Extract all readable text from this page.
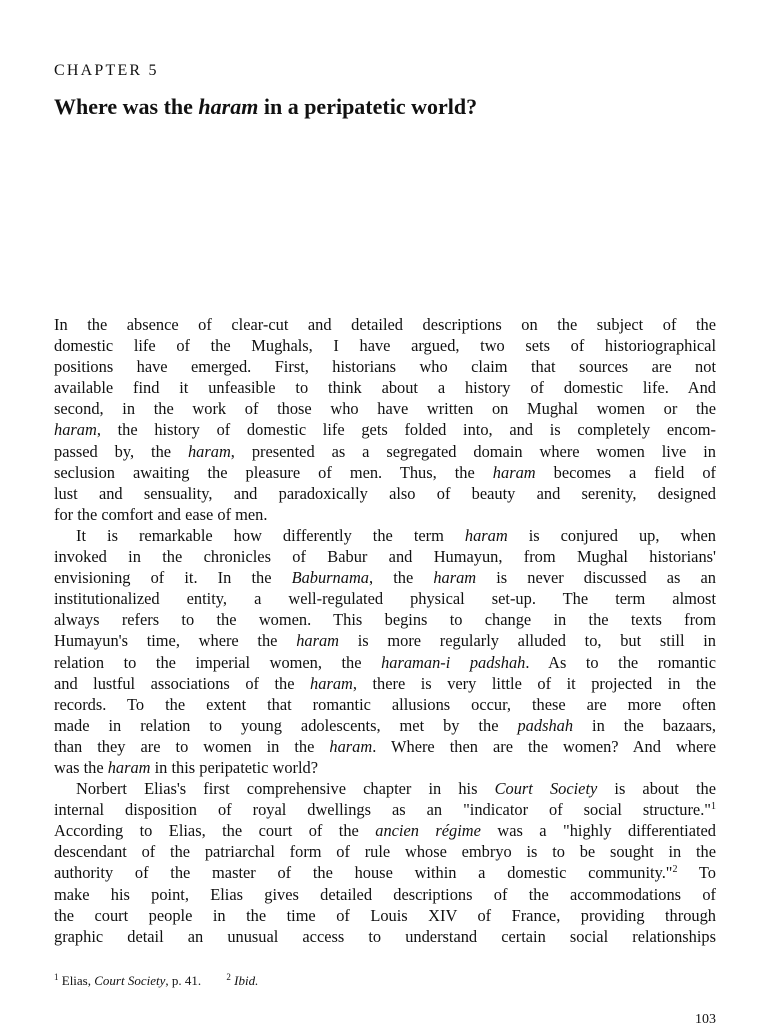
CHAPTER 5
Where was the haram in a peripatetic world?
In the absence of clear-cut and detailed descriptions on the subject of the
domestic life of the Mughals, I have argued, two sets of historiographical
positions have emerged. First, historians who claim that sources are not
available find it unfeasible to think about a history of domestic life. And
second, in the work of those who have written on Mughal women or the
haram, the history of domestic life gets folded into, and is completely encom-
passed by, the haram, presented as a segregated domain where women live in
seclusion awaiting the pleasure of men. Thus, the haram becomes a field of
lust and sensuality, and paradoxically also of beauty and serenity, designed
for the comfort and ease of men.
It is remarkable how differently the term haram is conjured up, when
invoked in the chronicles of Babur and Humayun, from Mughal historians'
envisioning of it. In the Baburnama, the haram is never discussed as an
institutionalized entity, a well-regulated physical set-up. The term almost
always refers to the women. This begins to change in the texts from
Humayun's time, where the haram is more regularly alluded to, but still in
relation to the imperial women, the haraman-i padshah. As to the romantic
and lustful associations of the haram, there is very little of it projected in the
records. To the extent that romantic allusions occur, these are more often
made in relation to young adolescents, met by the padshah in the bazaars,
than they are to women in the haram. Where then are the women? And where
was the haram in this peripatetic world?
Norbert Elias's first comprehensive chapter in his Court Society is about the
internal disposition of royal dwellings as an "indicator of social structure."$^1$
According to Elias, the court of the ancien régime was a "highly differentiated
descendant of the patriarchal form of rule whose embryo is to be sought in the
authority of the master of the house within a domestic community."$^2$ To
make his point, Elias gives detailed descriptions of the accommodations of
the court people in the time of Louis XIV of France, providing through
graphic detail an unusual access to understand certain social relationships
$^1$ Elias, Court Society, p. 41.	$^2$ Ibid.
103
